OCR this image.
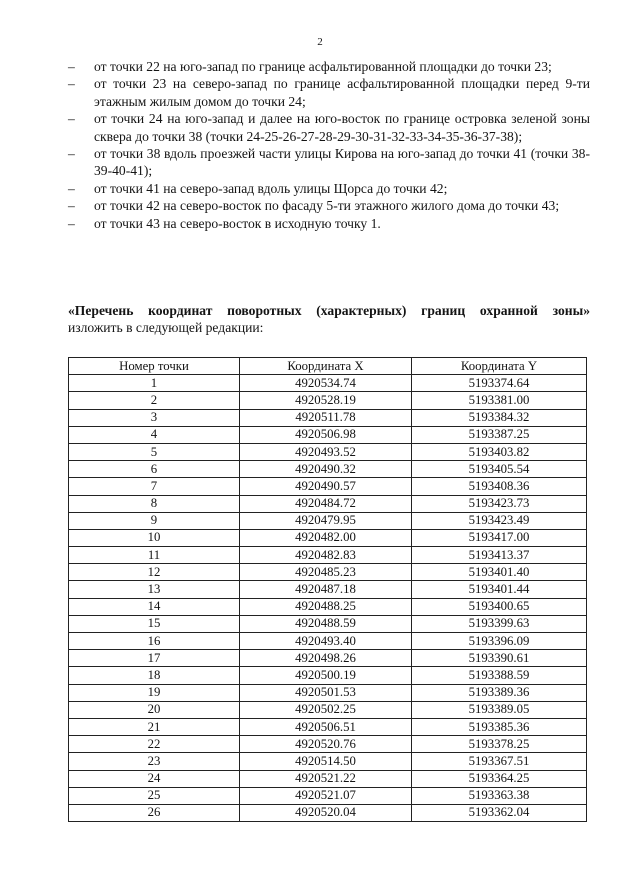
2
– от точки 22 на юго-запад по границе асфальтированной площадки до точки 23;
– от точки 23 на северо-запад по границе асфальтированной площадки перед 9-ти этажным жилым домом до точки 24;
– от точки 24 на юго-запад и далее на юго-восток по границе островка зеленой зоны сквера до точки 38 (точки 24-25-26-27-28-29-30-31-32-33-34-35-36-37-38);
– от точки 38 вдоль проезжей части улицы Кирова на юго-запад до точки 41 (точки 38-39-40-41);
– от точки 41 на северо-запад вдоль улицы Щорса до точки 42;
– от точки 42 на северо-восток по фасаду 5-ти этажного жилого дома до точки 43;
– от точки 43 на северо-восток в исходную точку 1.
«Перечень координат поворотных (характерных) границ охранной зоны»
изложить в следующей редакции:
Номер точки	Координата X	Координата Y
1	4920534.74	5193374.64
2	4920528.19	5193381.00
3	4920511.78	5193384.32
4	4920506.98	5193387.25
5	4920493.52	5193403.82
6	4920490.32	5193405.54
7	4920490.57	5193408.36
8	4920484.72	5193423.73
9	4920479.95	5193423.49
10	4920482.00	5193417.00
11	4920482.83	5193413.37
12	4920485.23	5193401.40
13	4920487.18	5193401.44
14	4920488.25	5193400.65
15	4920488.59	5193399.63
16	4920493.40	5193396.09
17	4920498.26	5193390.61
18	4920500.19	5193388.59
19	4920501.53	5193389.36
20	4920502.25	5193389.05
21	4920506.51	5193385.36
22	4920520.76	5193378.25
23	4920514.50	5193367.51
24	4920521.22	5193364.25
25	4920521.07	5193363.38
26	4920520.04	5193362.04
